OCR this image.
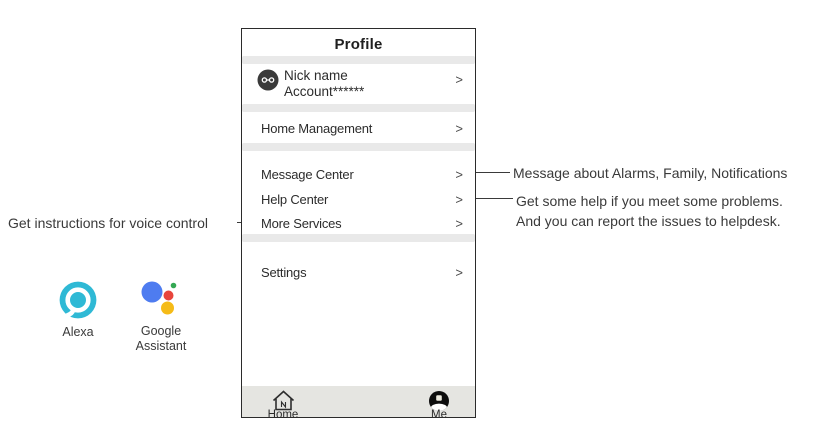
Get instructions for voice control
Message about Alarms, Family, Notifications
Get some help if you meet some problems.
And you can report the issues to helpdesk.
Alexa	Google Assistant
Profile
Nick name
Account******
>
Home Management	>
Message Center	>
Help Center	>
More Services	>
Settings	>
Home	Me
